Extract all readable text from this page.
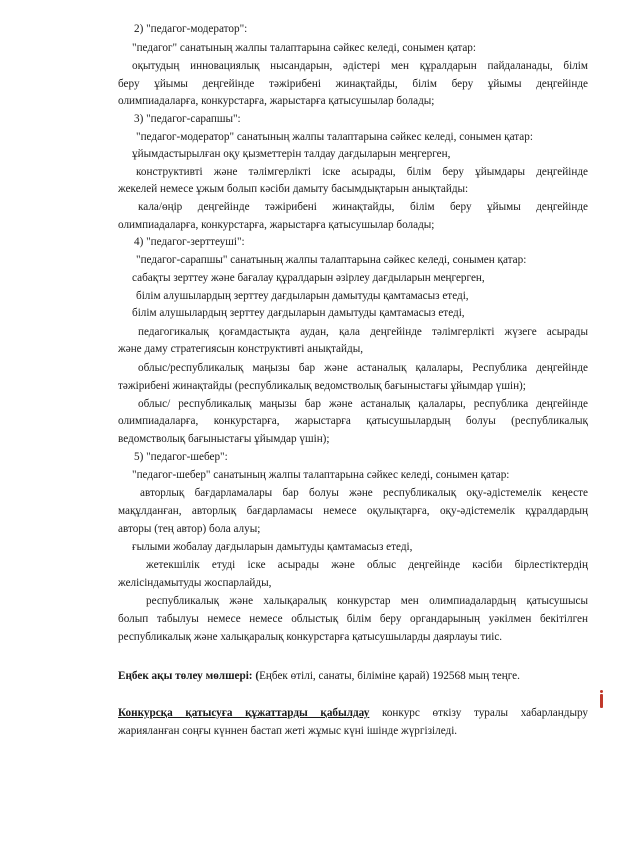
2) "педагог-модератор":
"педагог" санатының жалпы талаптарына сәйкес келеді, сонымен қатар:
оқытудың инновациялық нысандарын, әдістері мен құралдарын пайдаланады, білім
беру ұйымы деңгейінде тәжірибені жинақтайды, білім беру ұйымы деңгейінде
олимпиадаларға, конкурстарға, жарыстарға қатысушылар болады;
3) "педагог-сарапшы":
"педагог-модератор" санатының жалпы талаптарына сәйкес келеді, сонымен қатар:
ұйымдастырылған оқу қызметтерін талдау дағдыларын меңгерген,
конструктивті және тәлімгерлікті іске асырады, білім беру ұйымдары деңгейінде
жекелей немесе ұжым болып кәсіби дамыту басымдықтарын анықтайды:
кала/өңір деңгейінде тәжірибені жинақтайды, білім беру ұйымы деңгейінде
олимпиадаларға, конкурстарға, жарыстарға қатысушылар болады;
4) "педагог-зерттеуші":
"педагог-сарапшы" санатының жалпы талаптарына сәйкес келеді, сонымен қатар:
сабақты зерттеу және бағалау құралдарын әзірлеу дағдыларын меңгерген,
білім алушылардың зерттеу дағдыларын дамытуды қамтамасыз етеді,
білім алушылардың зерттеу дағдыларын дамытуды қамтамасыз етеді,
педагогикалық қоғамдастықта аудан, қала деңгейінде тәлімгерлікті жүзеге асырады
және даму стратегиясын конструктивті анықтайды,
облыс/республикалық маңызы бар және астаналық қалалары, Республика деңгейінде
тәжірибені жинақтайды (республикалық ведомстволық бағыныстағы ұйымдар үшін);
облыс/ республикалық маңызы бар және астаналық қалалары, республика деңгейінде
олимпиадаларға, конкурстарға, жарыстарға қатысушылардың болуы (республикалық
ведомстволық бағыныстағы ұйымдар үшін);
5) "педагог-шебер":
"педагог-шебер" санатының жалпы талаптарына сәйкес келеді, сонымен қатар:
авторлық бағдарламалары бар болуы және республикалық оқу-әдістемелік кеңесте
мақұлданған, авторлық бағдарламасы немесе оқулықтарға, оқу-әдістемелік құралдардың
авторы (тең автор) бола алуы;
ғылыми жобалау дағдыларын дамытуды қамтамасыз етеді,
жетекшілік етуді іске асырады және облыс деңгейінде кәсіби бірлестіктердің
желісіндамытуды жоспарлайды,
республикалық және халықаралық конкурстар мен олимпиадалардың қатысушысы
болып табылуы немесе немесе облыстық білім беру органдарының уәкілмен бекітілген
республикалық және халықаралық конкурстарға қатысушыларды даярлауы тиіс.
Еңбек ақы төлеу мөлшері: (Еңбек өтілі, санаты, біліміне қарай) 192568 мың теңге.
Конкурсқа қатысуға құжаттарды қабылдау конкурс өткізу туралы хабарландыру
жарияланған соңғы күннен бастап жеті жұмыс күні ішінде жүргізіледі.
